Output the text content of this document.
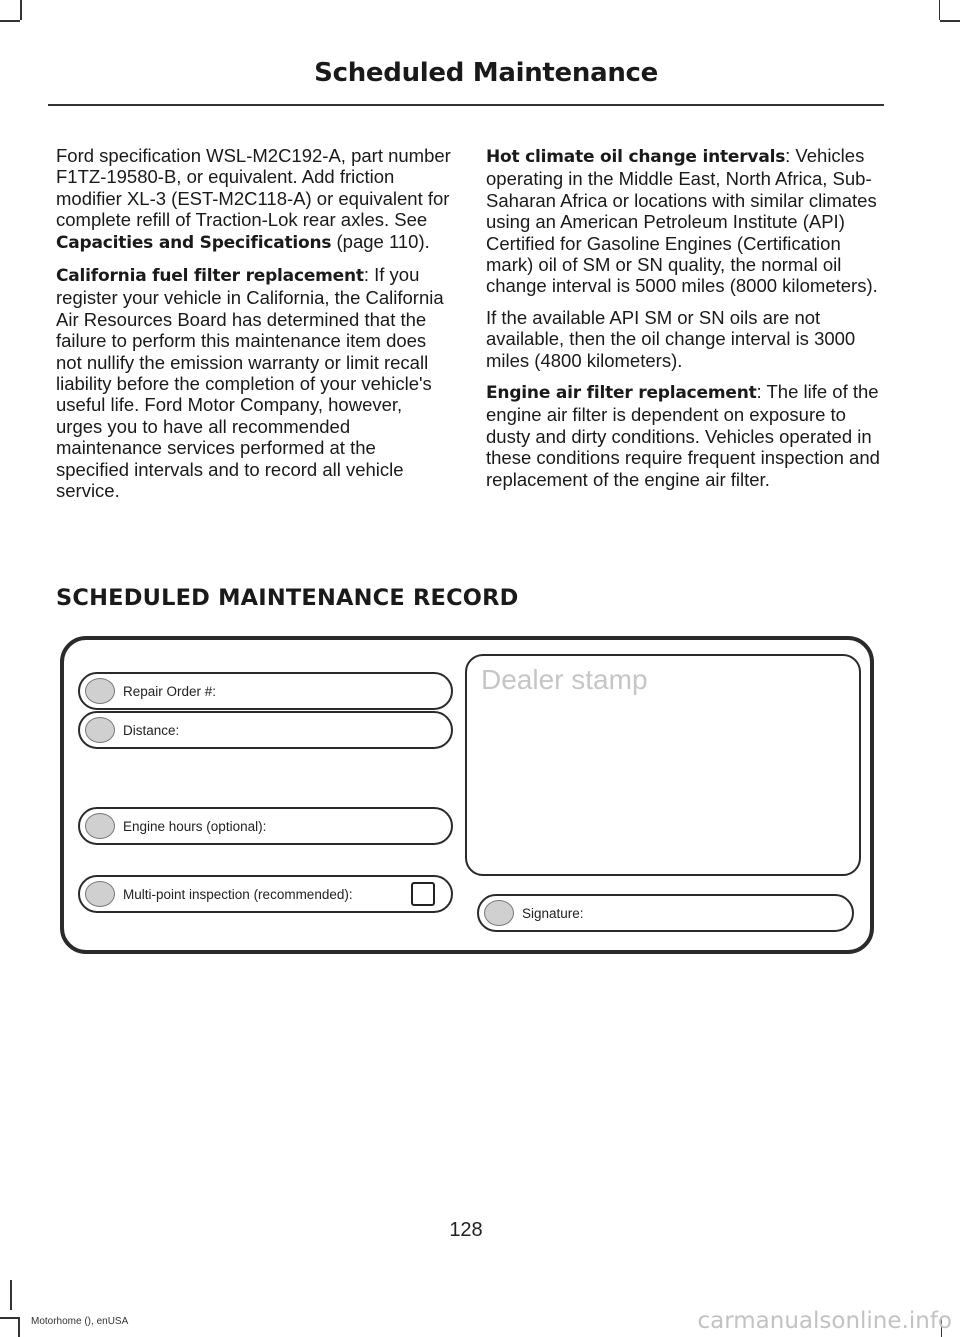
Scheduled Maintenance

Ford specification WSL-M2C192-A, part number F1TZ-19580-B, or equivalent. Add friction modifier XL-3 (EST-M2C118-A) or equivalent for complete refill of Traction-Lok rear axles. See Capacities and Specifications (page 110).

California fuel filter replacement: If you register your vehicle in California, the California Air Resources Board has determined that the failure to perform this maintenance item does not nullify the emission warranty or limit recall liability before the completion of your vehicle's useful life. Ford Motor Company, however, urges you to have all recommended maintenance services performed at the specified intervals and to record all vehicle service.

Hot climate oil change intervals: Vehicles operating in the Middle East, North Africa, Sub-Saharan Africa or locations with similar climates using an American Petroleum Institute (API) Certified for Gasoline Engines (Certification mark) oil of SM or SN quality, the normal oil change interval is 5000 miles (8000 kilometers).

If the available API SM or SN oils are not available, then the oil change interval is 3000 miles (4800 kilometers).

Engine air filter replacement: The life of the engine air filter is dependent on exposure to dusty and dirty conditions. Vehicles operated in these conditions require frequent inspection and replacement of the engine air filter.

SCHEDULED MAINTENANCE RECORD
Repair Order #:
Distance:
Engine hours (optional):
Multi-point inspection (recommended):
Dealer stamp
Signature:
128
Motorhome (), enUSA	carmanualsonline.info
